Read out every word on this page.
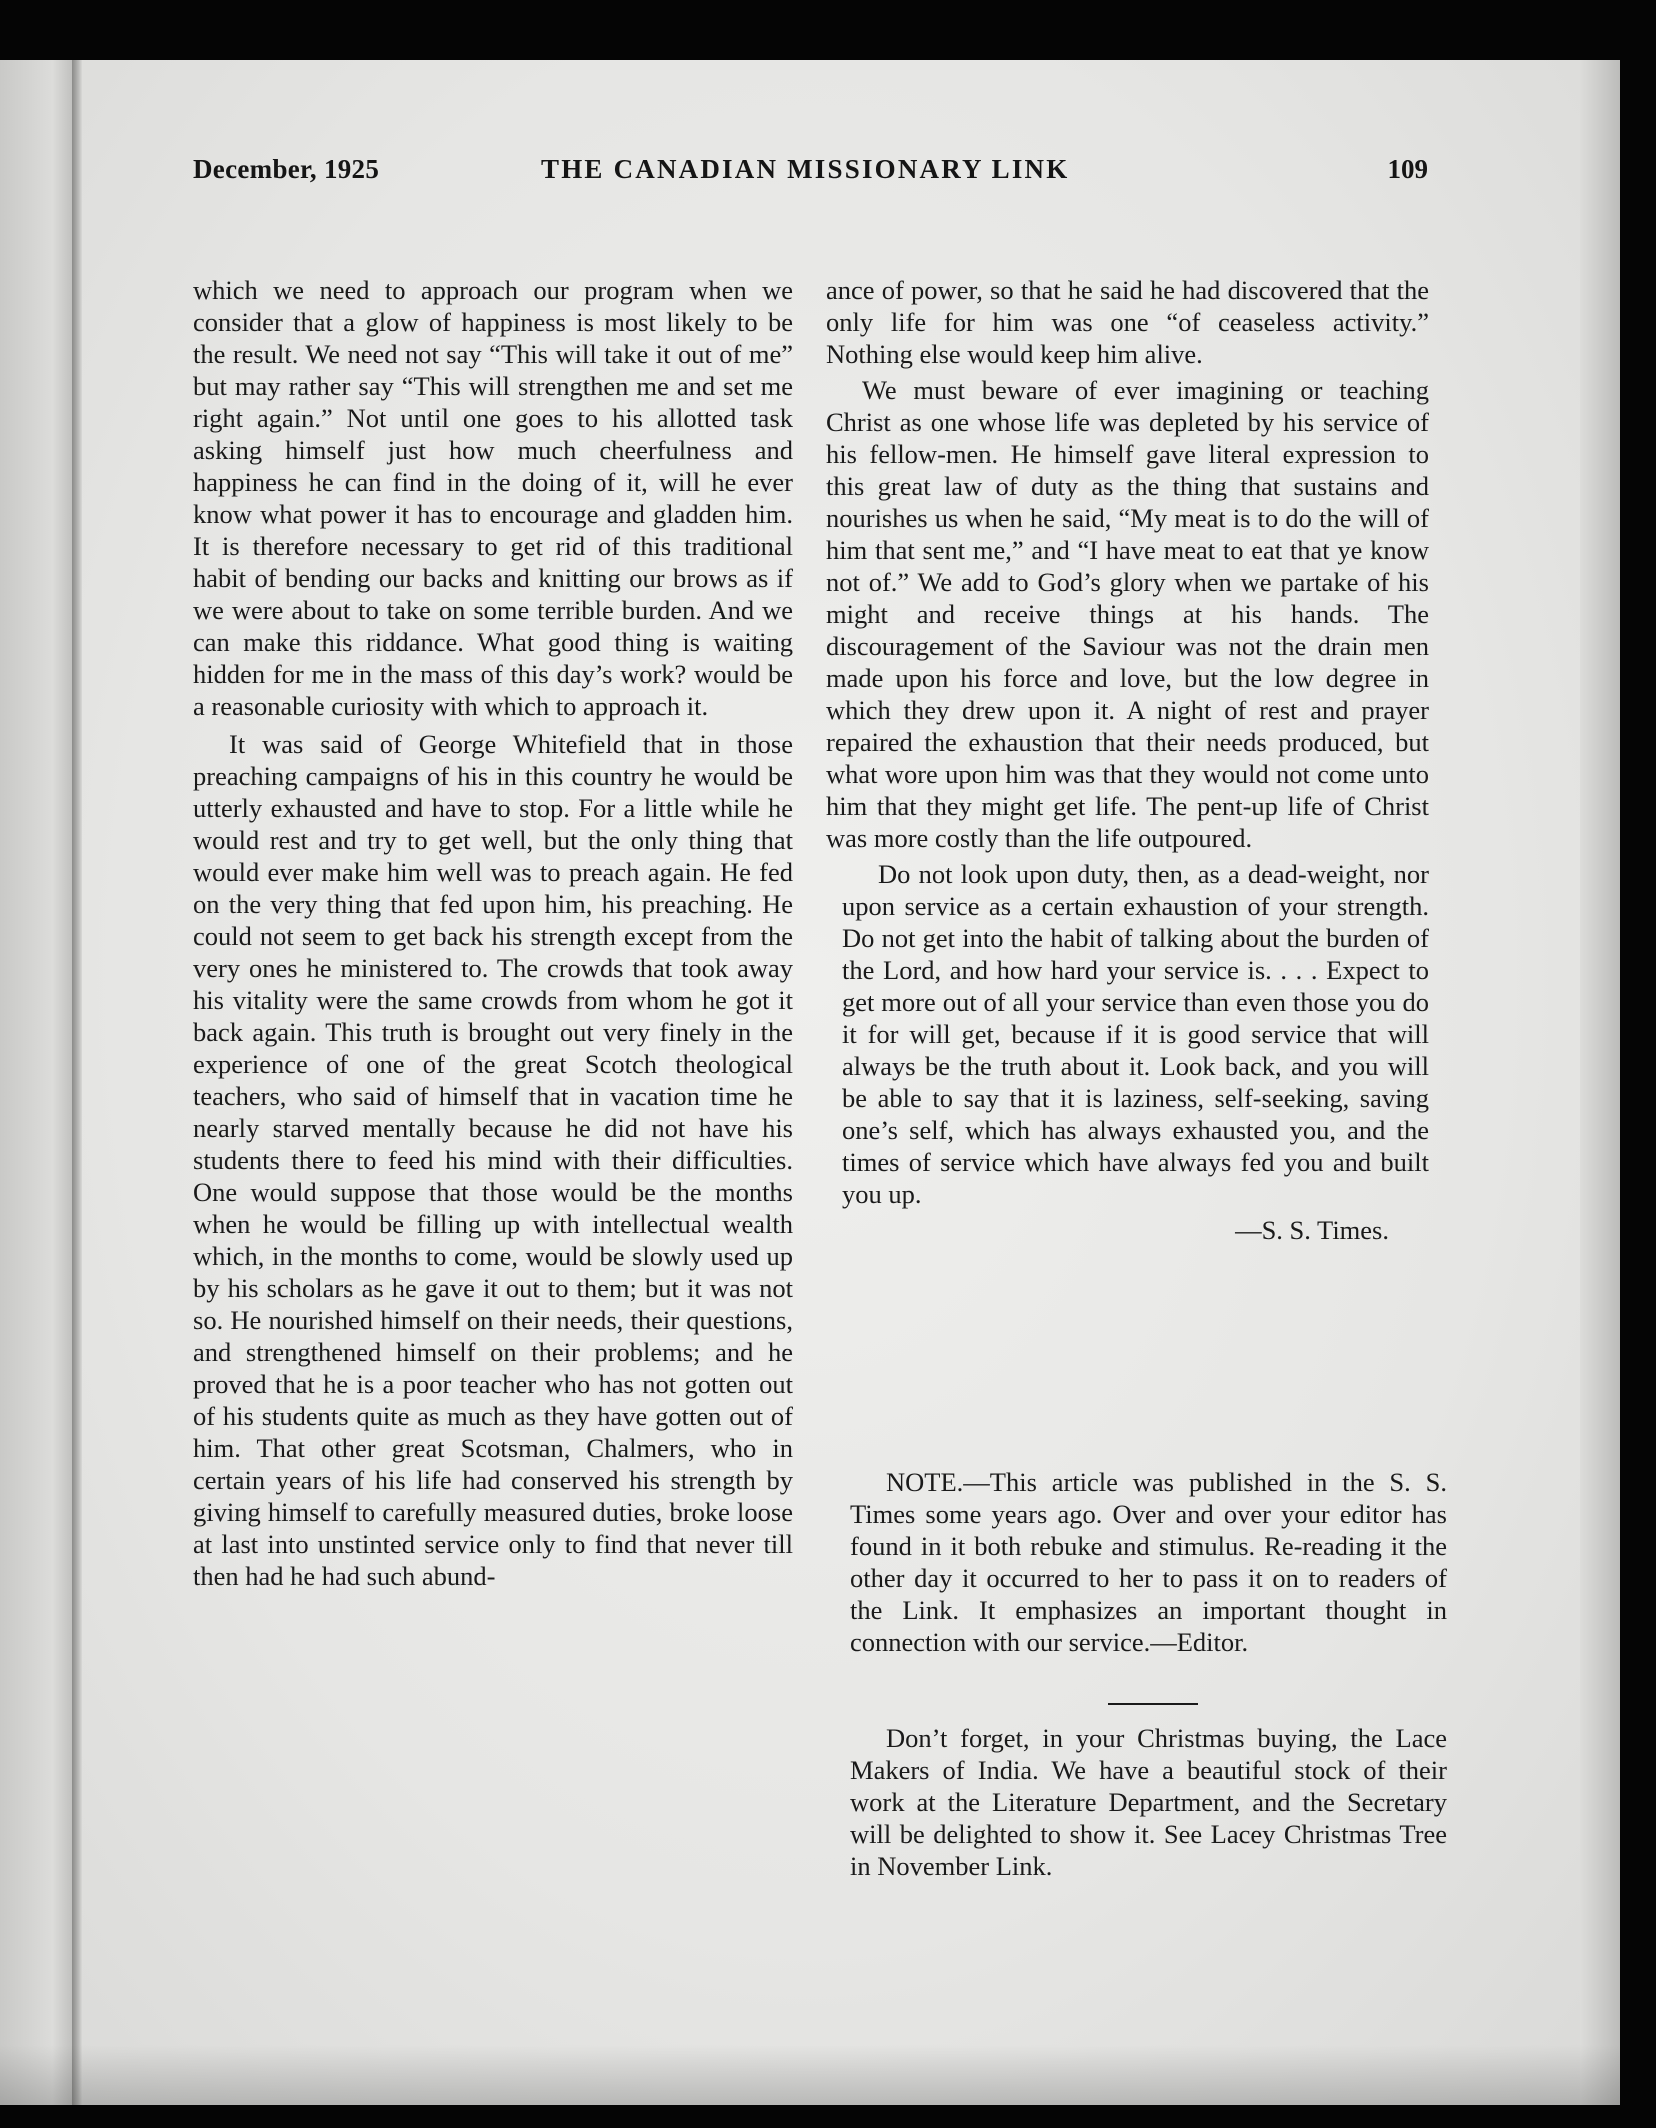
December, 1925	THE CANADIAN MISSIONARY LINK	109

which we need to approach our program when we consider that a glow of happiness is most likely to be the result. We need not say “This will take it out of me” but may rather say “This will strengthen me and set me right again.” Not until one goes to his allotted task asking himself just how much cheerfulness and happiness he can find in the doing of it, will he ever know what power it has to encourage and gladden him. It is therefore necessary to get rid of this traditional habit of bending our backs and knitting our brows as if we were about to take on some terrible burden. And we can make this riddance. What good thing is waiting hidden for me in the mass of this day’s work? would be a reasonable curiosity with which to approach it.

It was said of George Whitefield that in those preaching campaigns of his in this country he would be utterly exhausted and have to stop. For a little while he would rest and try to get well, but the only thing that would ever make him well was to preach again. He fed on the very thing that fed upon him, his preaching. He could not seem to get back his strength except from the very ones he ministered to. The crowds that took away his vitality were the same crowds from whom he got it back again. This truth is brought out very finely in the experience of one of the great Scotch theological teachers, who said of himself that in vacation time he nearly starved mentally because he did not have his students there to feed his mind with their difficulties. One would suppose that those would be the months when he would be filling up with intellectual wealth which, in the months to come, would be slowly used up by his scholars as he gave it out to them; but it was not so. He nourished himself on their needs, their questions, and strengthened himself on their problems; and he proved that he is a poor teacher who has not gotten out of his students quite as much as they have gotten out of him. That other great Scotsman, Chalmers, who in certain years of his life had conserved his strength by giving himself to carefully measured duties, broke loose at last into unstinted service only to find that never till then had he had such abund-

ance of power, so that he said he had discovered that the only life for him was one “of ceaseless activity.” Nothing else would keep him alive.

We must beware of ever imagining or teaching Christ as one whose life was depleted by his service of his fellow-men. He himself gave literal expression to this great law of duty as the thing that sustains and nourishes us when he said, “My meat is to do the will of him that sent me,” and “I have meat to eat that ye know not of.” We add to God’s glory when we partake of his might and receive things at his hands. The discouragement of the Saviour was not the drain men made upon his force and love, but the low degree in which they drew upon it. A night of rest and prayer repaired the exhaustion that their needs produced, but what wore upon him was that they would not come unto him that they might get life. The pent-up life of Christ was more costly than the life outpoured.

Do not look upon duty, then, as a dead-weight, nor upon service as a certain exhaustion of your strength. Do not get into the habit of talking about the burden of the Lord, and how hard your service is. . . . Expect to get more out of all your service than even those you do it for will get, because if it is good service that will always be the truth about it. Look back, and you will be able to say that it is laziness, self-seeking, saving one’s self, which has always exhausted you, and the times of service which have always fed you and built you up.

—S. S. Times.

NOTE.—This article was published in the S. S. Times some years ago. Over and over your editor has found in it both rebuke and stimulus. Re-reading it the other day it occurred to her to pass it on to readers of the Link. It emphasizes an important thought in connection with our service.—Editor.

Don’t forget, in your Christmas buying, the Lace Makers of India. We have a beautiful stock of their work at the Literature Department, and the Secretary will be delighted to show it. See Lacey Christmas Tree in November Link.
